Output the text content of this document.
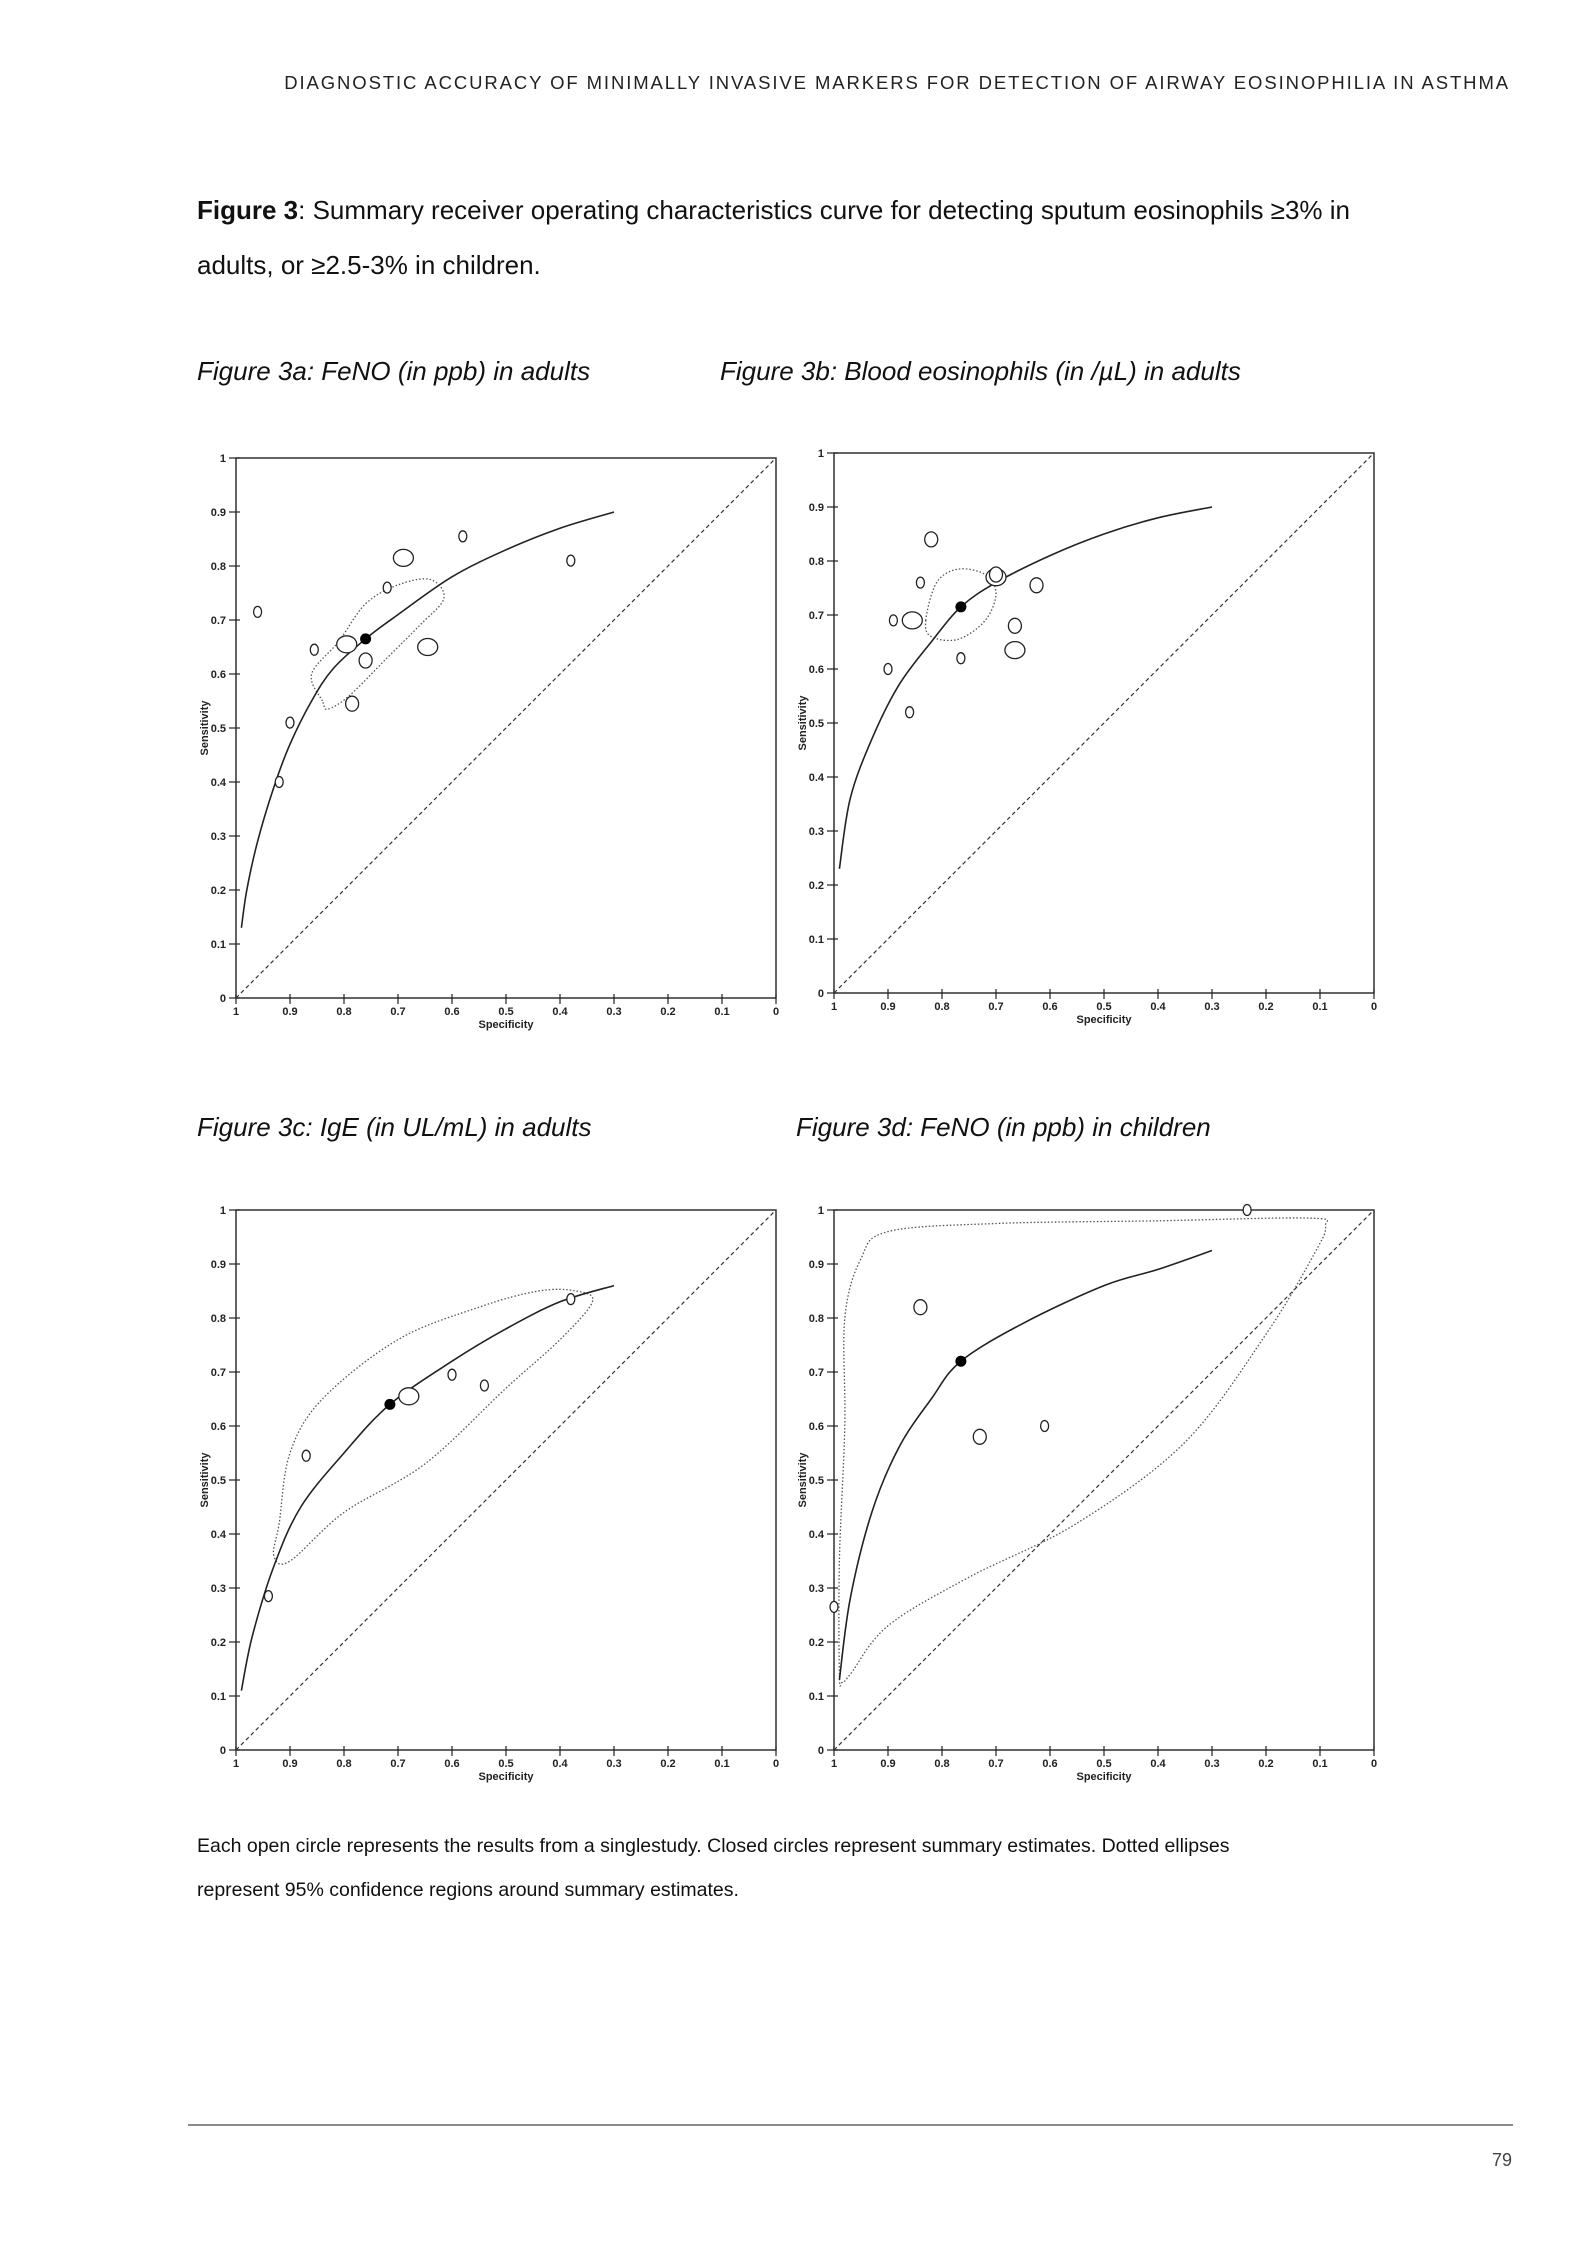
DIAGNOSTIC ACCURACY OF MINIMALLY INVASIVE MARKERS FOR DETECTION OF AIRWAY EOSINOPHILIA IN ASTHMA
Figure 3: Summary receiver operating characteristics curve for detecting sputum eosinophils ≥3% in
adults, or ≥2.5-3% in children.
Figure 3a: FeNO (in ppb) in adults	Figure 3b: Blood eosinophils (in /µL) in adults
Figure 3c: IgE (in UL/mL) in adults	Figure 3d: FeNO (in ppb) in children
0
0.1
0.2
0.3
0.4
0.5
0.6
0.7
0.8
0.9
1
1	0.9	0.8	0.7	0.6	0.5	0.4	0.3	0.2	0.1	0
Specificity
Sensitivity
0
0.1
0.2
0.3
0.4
0.5
0.6
0.7
0.8
0.9
1
1	0.9	0.8	0.7	0.6	0.5	0.4	0.3	0.2	0.1	0
Specificity
Sensitivity
0
0.1
0.2
0.3
0.4
0.5
0.6
0.7
0.8
0.9
1
1	0.9	0.8	0.7	0.6	0.5	0.4	0.3	0.2	0.1	0
Specificity
Sensitivity
0
0.1
0.2
0.3
0.4
0.5
0.6
0.7
0.8
0.9
1
1	0.9	0.8	0.7	0.6	0.5	0.4	0.3	0.2	0.1	0
Specificity
Sensitivity
Each open circle represents the results from a singlestudy. Closed circles represent summary estimates. Dotted ellipses
represent 95% confidence regions around summary estimates.
79
